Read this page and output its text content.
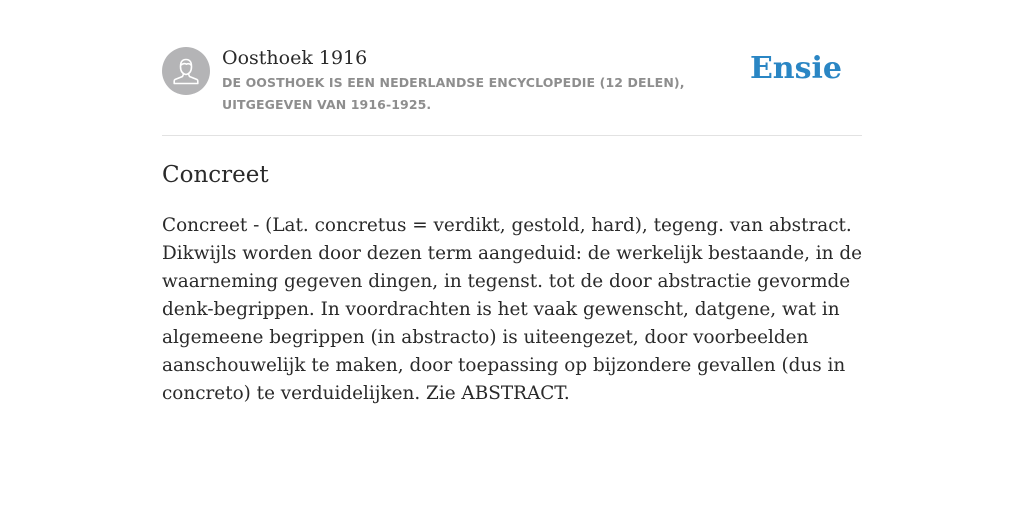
Oosthoek 1916
DE OOSTHOEK IS EEN NEDERLANDSE ENCYCLOPEDIE (12 DELEN), UITGEGEVEN VAN 1916-1925.
Ensie
Concreet

Concreet - (Lat. concretus = verdikt, gestold, hard), tegeng. van abstract. Dikwijls worden door dezen term aangeduid: de werkelijk bestaande, in de waarneming gegeven dingen, in tegenst. tot de door abstractie gevormde denk-begrippen. In voordrachten is het vaak gewenscht, datgene, wat in algemeene begrippen (in abstracto) is uiteengezet, door voorbeelden aanschouwelijk te maken, door toepassing op bijzondere gevallen (dus in concreto) te verduidelijken. Zie ABSTRACT.
